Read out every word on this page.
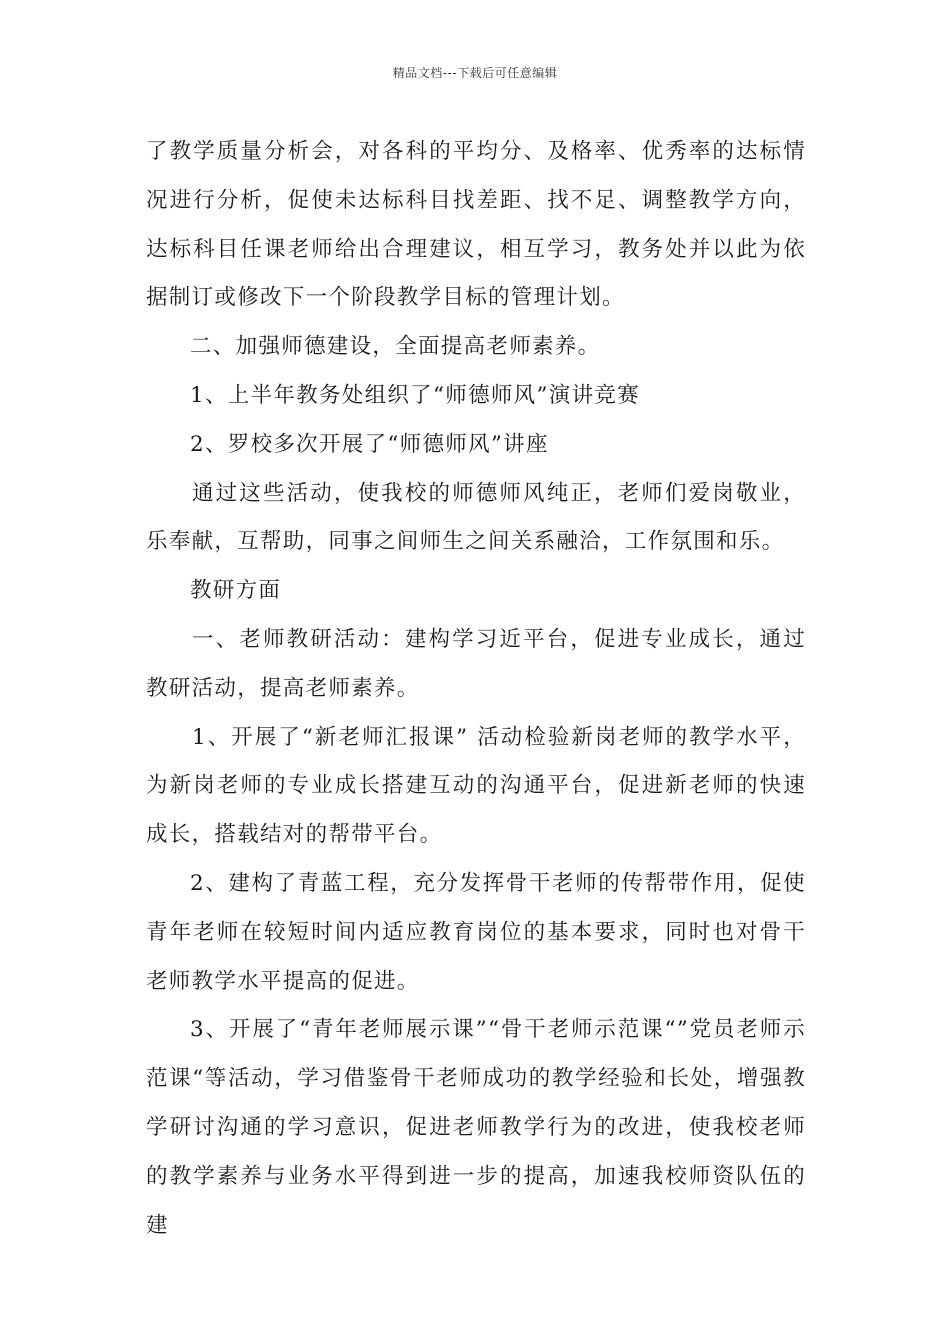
精品文档---下载后可任意编辑

了教学质量分析会，对各科的平均分、及格率、优秀率的达标情况进行分析，促使未达标科目找差距、找不足、调整教学方向，达标科目任课老师给出合理建议，相互学习，教务处并以此为依据制订或修改下一个阶段教学目标的管理计划。

二、加强师德建设，全面提高老师素养。

1、上半年教务处组织了“师德师风”演讲竞赛

2、罗校多次开展了“师德师风”讲座

通过这些活动，使我校的师德师风纯正，老师们爱岗敬业，乐奉献，互帮助，同事之间师生之间关系融洽，工作氛围和乐。

教研方面

一、老师教研活动：建构学习近平台，促进专业成长，通过教研活动，提高老师素养。

1、开展了“新老师汇报课” 活动检验新岗老师的教学水平，为新岗老师的专业成长搭建互动的沟通平台，促进新老师的快速成长，搭载结对的帮带平台。

2、建构了青蓝工程，充分发挥骨干老师的传帮带作用，促使青年老师在较短时间内适应教育岗位的基本要求，同时也对骨干老师教学水平提高的促进。

3、开展了“青年老师展示课”“骨干老师示范课“”党员老师示范课“等活动，学习借鉴骨干老师成功的教学经验和长处，增强教学研讨沟通的学习意识，促进老师教学行为的改进，使我校老师的教学素养与业务水平得到进一步的提高，加速我校师资队伍的建
